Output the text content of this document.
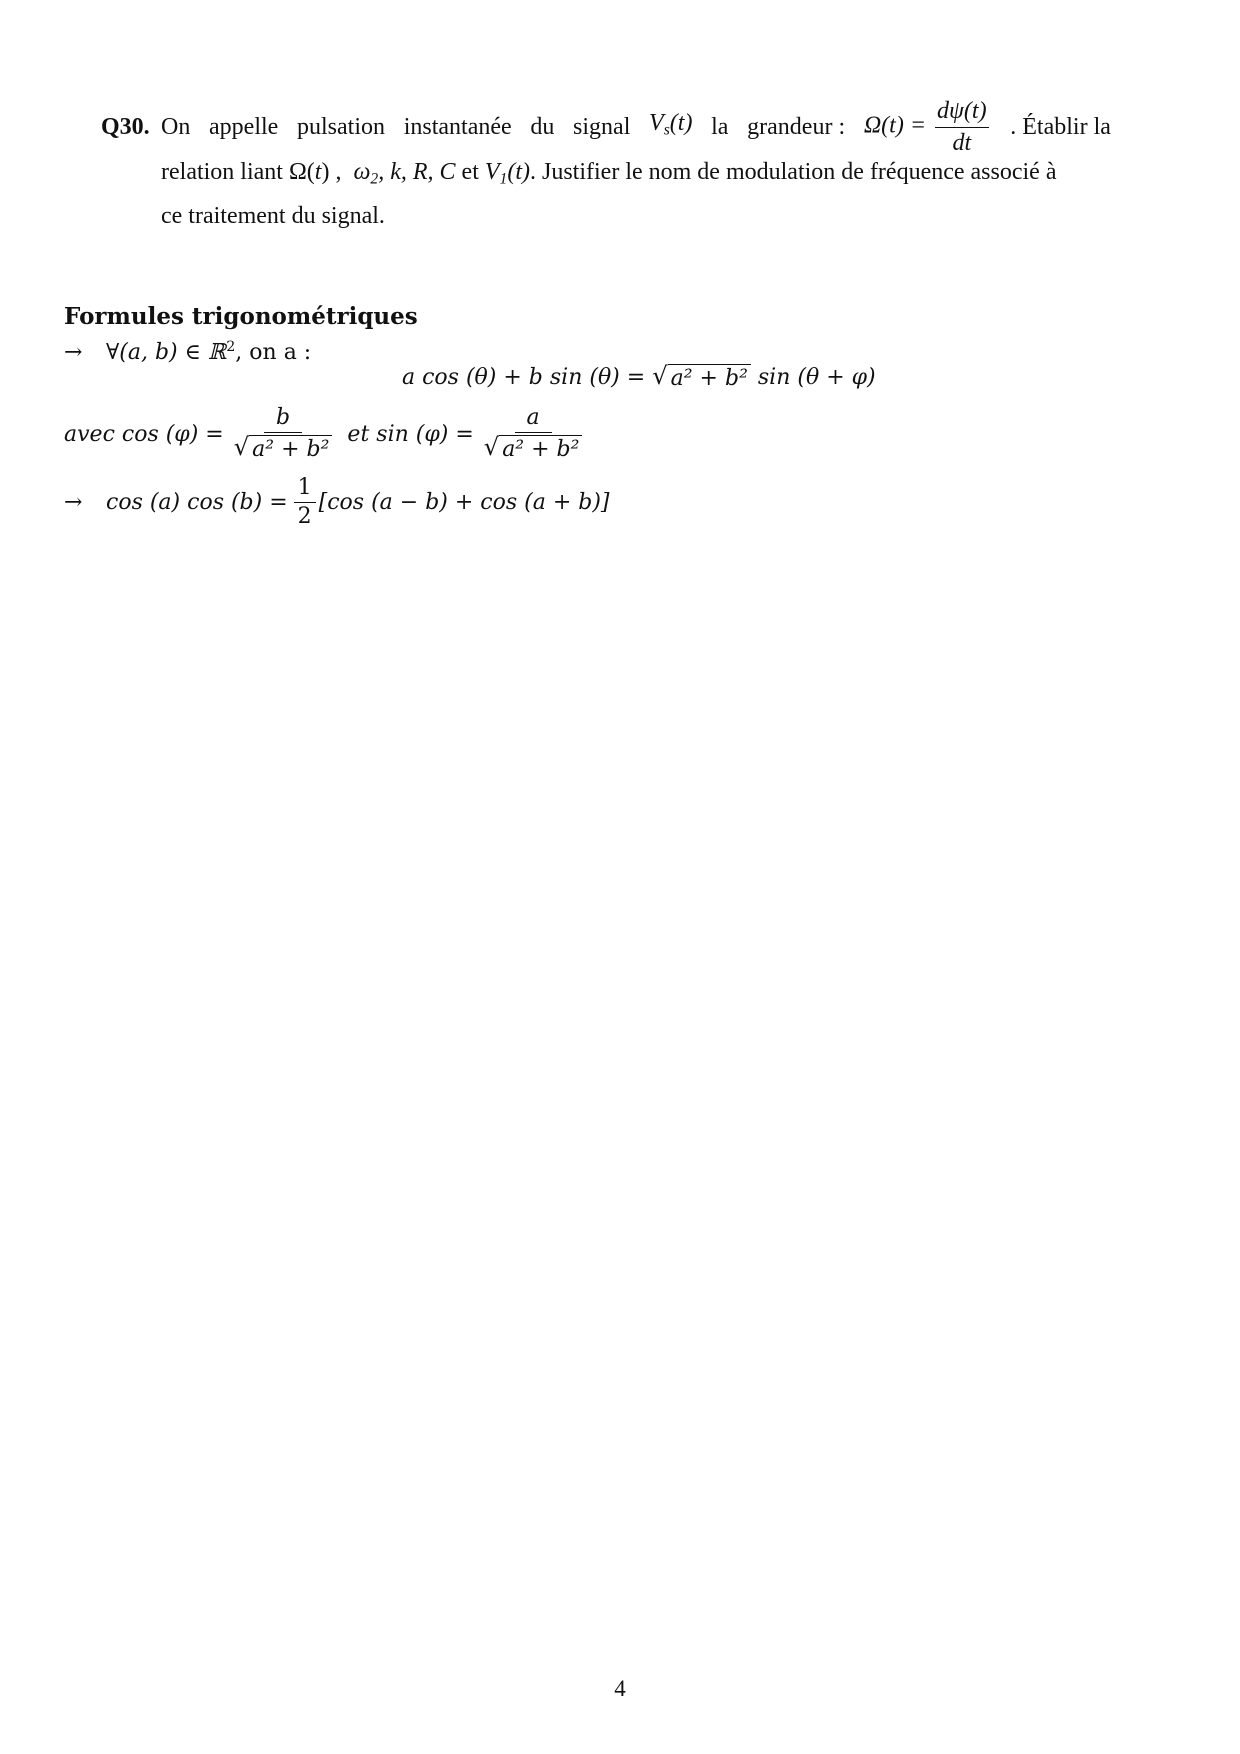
Q30. On appelle pulsation instantanée du signal $V_s(t)$ la grandeur : $\Omega(t) = \frac{d\psi(t)}{dt}$ . Établir la
relation liant Ω(t) , $\omega_2$, k, R, C et $V_1(t)$. Justifier le nom de modulation de fréquence associé à
ce traitement du signal.
Formules trigonométriques
→ ∀(a, b) ∈ ℝ$^2$, on a :
a cos (θ) + b sin (θ) = √ a² + b² sin (θ + φ)
avec $\cos (\varphi) = \frac{b}{\text{√ a² + b²}}$ et $\sin (\varphi) = \frac{a}{\text{√ a² + b²}}$
→	cos (a) $\cos (b) = \frac{1}{2} [\cos$ (a − b) + cos (a + b)]
4
